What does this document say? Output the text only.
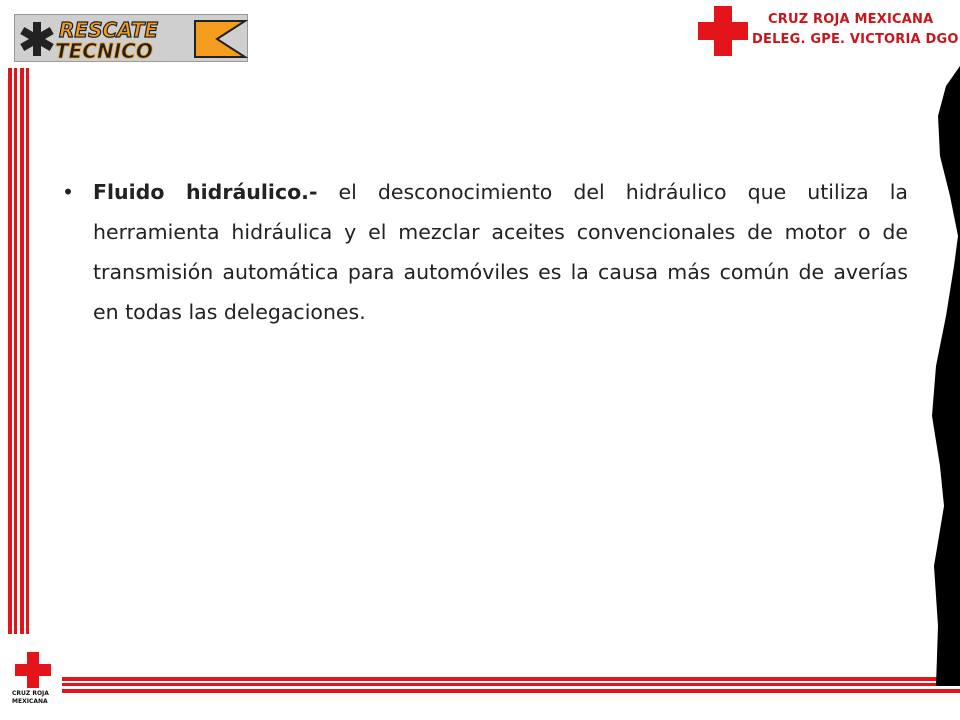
RESCATE
TECNICO
CRUZ ROJA MEXICANA
DELEG. GPE. VICTORIA DGO
CRUZ ROJA
MEXICANA
• Fluido hidráulico.- el desconocimiento del hidráulico que utiliza la herramienta hidráulica y el mezclar aceites convencionales de motor o de transmisión automática para automóviles es la causa más común de averías en todas las delegaciones.
